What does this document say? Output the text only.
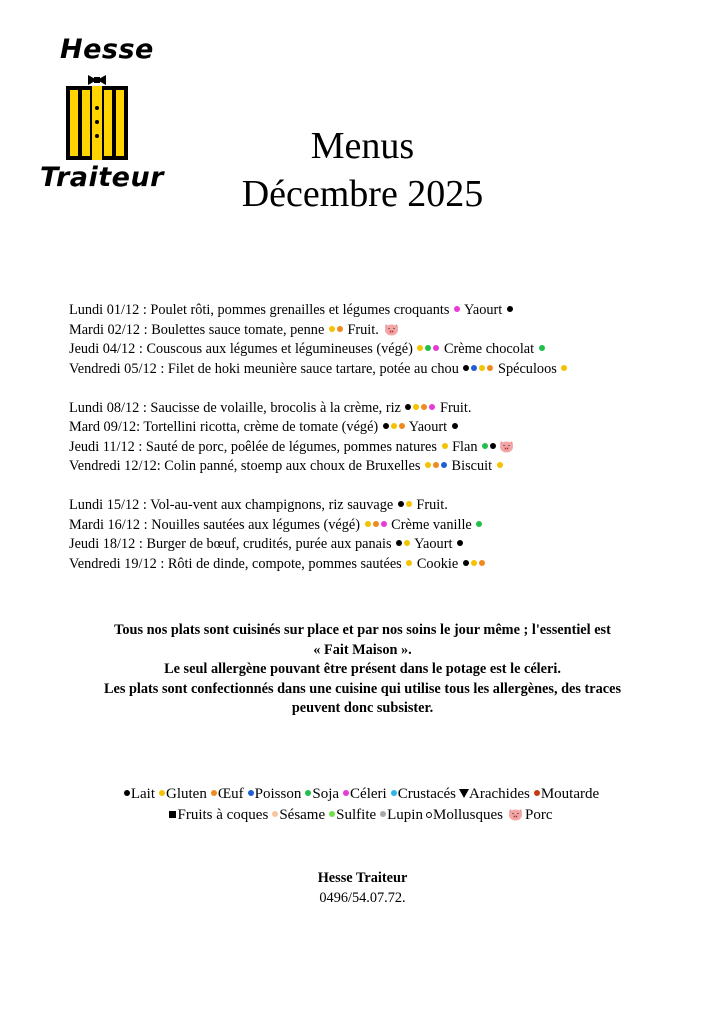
Hesse
Traiteur
Menus
Décembre 2025
Lundi 01/12 : Poulet rôti, pommes grenailles et légumes croquants  Yaourt
Mardi 02/12 : Boulettes sauce tomate, penne  Fruit.
Jeudi 04/12 : Couscous aux légumes et légumineuses (végé)  Crème chocolat
Vendredi 05/12 : Filet de hoki meunière sauce tartare, potée au chou  Spéculoos
Lundi 08/12 : Saucisse de volaille, brocolis à la crème, riz  Fruit.
Mard 09/12: Tortellini ricotta, crème de tomate (végé)  Yaourt
Jeudi 11/12 : Sauté de porc, poêlée de légumes, pommes natures  Flan
Vendredi 12/12: Colin panné, stoemp aux choux de Bruxelles  Biscuit
Lundi 15/12 : Vol-au-vent aux champignons, riz sauvage  Fruit.
Mardi 16/12 : Nouilles sautées aux légumes (végé)  Crème vanille
Jeudi 18/12 : Burger de bœuf, crudités, purée aux panais  Yaourt
Vendredi 19/12 : Rôti de dinde, compote, pommes sautées  Cookie
Tous nos plats sont cuisinés sur place et par nos soins le jour même ; l'essentiel est
« Fait Maison ».
Le seul allergène pouvant être présent dans le potage est le céleri.
Les plats sont confectionnés dans une cuisine qui utilise tous les allergènes, des traces
peuvent donc subsister.
Lait Gluten Œuf Poisson Soja Céleri Crustacés Arachides Moutarde
Fruits à coques Sésame Sulfite Lupin Mollusques Porc
Hesse Traiteur
0496/54.07.72.
